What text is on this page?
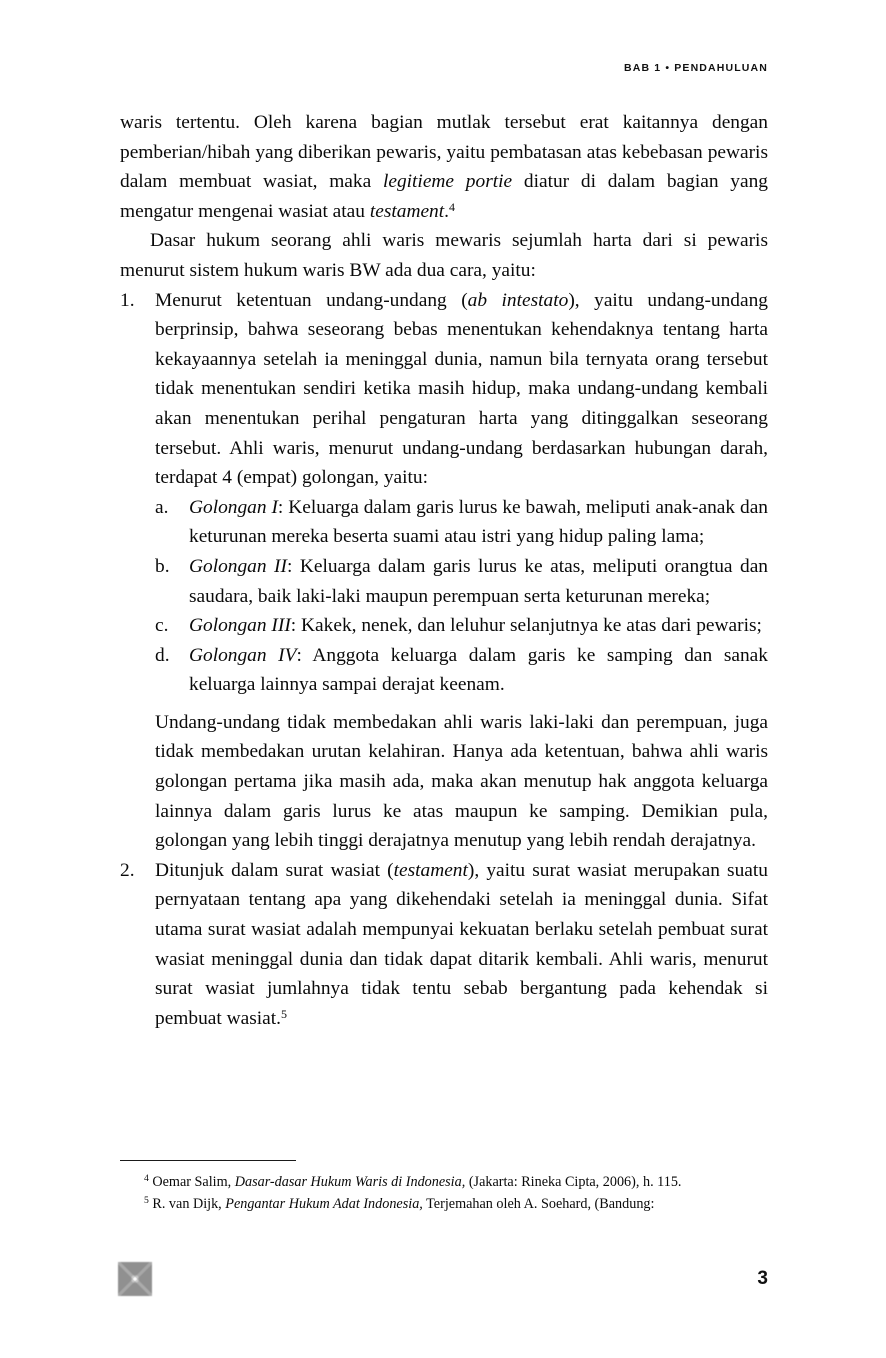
BAB 1 • PENDAHULUAN

waris tertentu. Oleh karena bagian mutlak tersebut erat kaitannya dengan pemberian/hibah yang diberikan pewaris, yaitu pembatasan atas kebebasan pewaris dalam membuat wasiat, maka legitieme portie diatur di dalam bagian yang mengatur mengenai wasiat atau testament.$^4$

Dasar hukum seorang ahli waris mewaris sejumlah harta dari si pewaris menurut sistem hukum waris BW ada dua cara, yaitu:

1.	Menurut ketentuan undang-undang (ab intestato), yaitu undang-undang berprinsip, bahwa seseorang bebas menentukan kehendaknya tentang harta kekayaannya setelah ia meninggal dunia, namun bila ternyata orang tersebut tidak menentukan sendiri ketika masih hidup, maka undang-undang kembali akan menentukan perihal pengaturan harta yang ditinggalkan seseorang tersebut. Ahli waris, menurut undang-undang berdasarkan hubungan darah, terdapat 4 (empat) golongan, yaitu:
a.	Golongan I: Keluarga dalam garis lurus ke bawah, meliputi anak-anak dan keturunan mereka beserta suami atau istri yang hidup paling lama;
b.	Golongan II: Keluarga dalam garis lurus ke atas, meliputi orangtua dan saudara, baik laki-laki maupun perempuan serta keturunan mereka;
c.	Golongan III: Kakek, nenek, dan leluhur selanjutnya ke atas dari pewaris;
d.	Golongan IV: Anggota keluarga dalam garis ke samping dan sanak keluarga lainnya sampai derajat keenam.
Undang-undang tidak membedakan ahli waris laki-laki dan perempuan, juga tidak membedakan urutan kelahiran. Hanya ada ketentuan, bahwa ahli waris golongan pertama jika masih ada, maka akan menutup hak anggota keluarga lainnya dalam garis lurus ke atas maupun ke samping. Demikian pula, golongan yang lebih tinggi derajatnya menutup yang lebih rendah derajatnya.
2.	Ditunjuk dalam surat wasiat (testament), yaitu surat wasiat merupakan suatu pernyataan tentang apa yang dikehendaki setelah ia meninggal dunia. Sifat utama surat wasiat adalah mempunyai kekuatan berlaku setelah pembuat surat wasiat meninggal dunia dan tidak dapat ditarik kembali. Ahli waris, menurut surat wasiat jumlahnya tidak tentu sebab bergantung pada kehendak si pembuat wasiat.$^5$

$^4$ Oemar Salim, Dasar-dasar Hukum Waris di Indonesia, (Jakarta: Rineka Cipta, 2006), h. 115.

$^5$ R. van Dijk, Pengantar Hukum Adat Indonesia, Terjemahan oleh A. Soehard, (Bandung:

3
